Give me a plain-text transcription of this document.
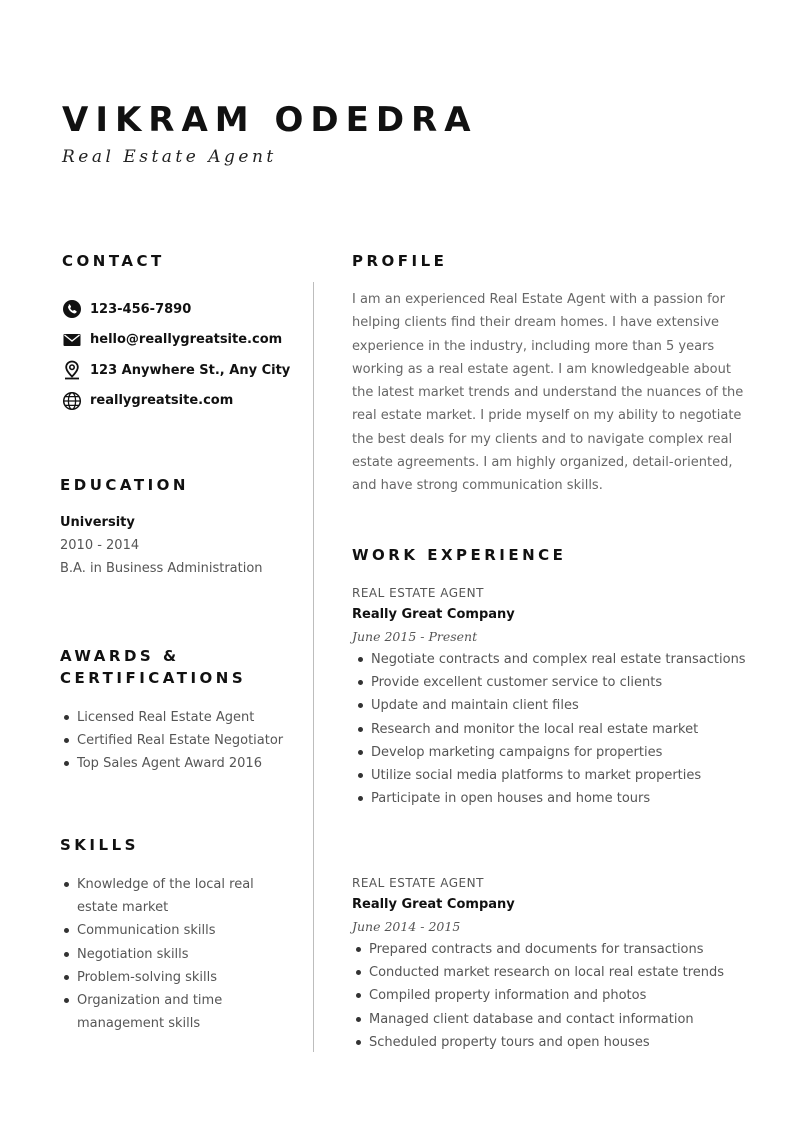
VIKRAM ODEDRA
Real Estate Agent
CONTACT
123-456-7890
hello@reallygreatsite.com
123 Anywhere St., Any City
reallygreatsite.com
EDUCATION
University
2010 - 2014
B.A. in Business Administration
AWARDS &
CERTIFICATIONS
Licensed Real Estate Agent
Certified Real Estate Negotiator
Top Sales Agent Award 2016
SKILLS
Knowledge of the local real estate market
Communication skills
Negotiation skills
Problem-solving skills
Organization and time management skills
PROFILE

I am an experienced Real Estate Agent with a passion for helping clients find their dream homes. I have extensive experience in the industry, including more than 5 years working as a real estate agent. I am knowledgeable about the latest market trends and understand the nuances of the real estate market. I pride myself on my ability to negotiate the best deals for my clients and to navigate complex real estate agreements. I am highly organized, detail-oriented, and have strong communication skills.

WORK EXPERIENCE
REAL ESTATE AGENT
Really Great Company
June 2015 - Present
Negotiate contracts and complex real estate transactions
Provide excellent customer service to clients
Update and maintain client files
Research and monitor the local real estate market
Develop marketing campaigns for properties
Utilize social media platforms to market properties
Participate in open houses and home tours
REAL ESTATE AGENT
Really Great Company
June 2014 - 2015
Prepared contracts and documents for transactions
Conducted market research on local real estate trends
Compiled property information and photos
Managed client database and contact information
Scheduled property tours and open houses
